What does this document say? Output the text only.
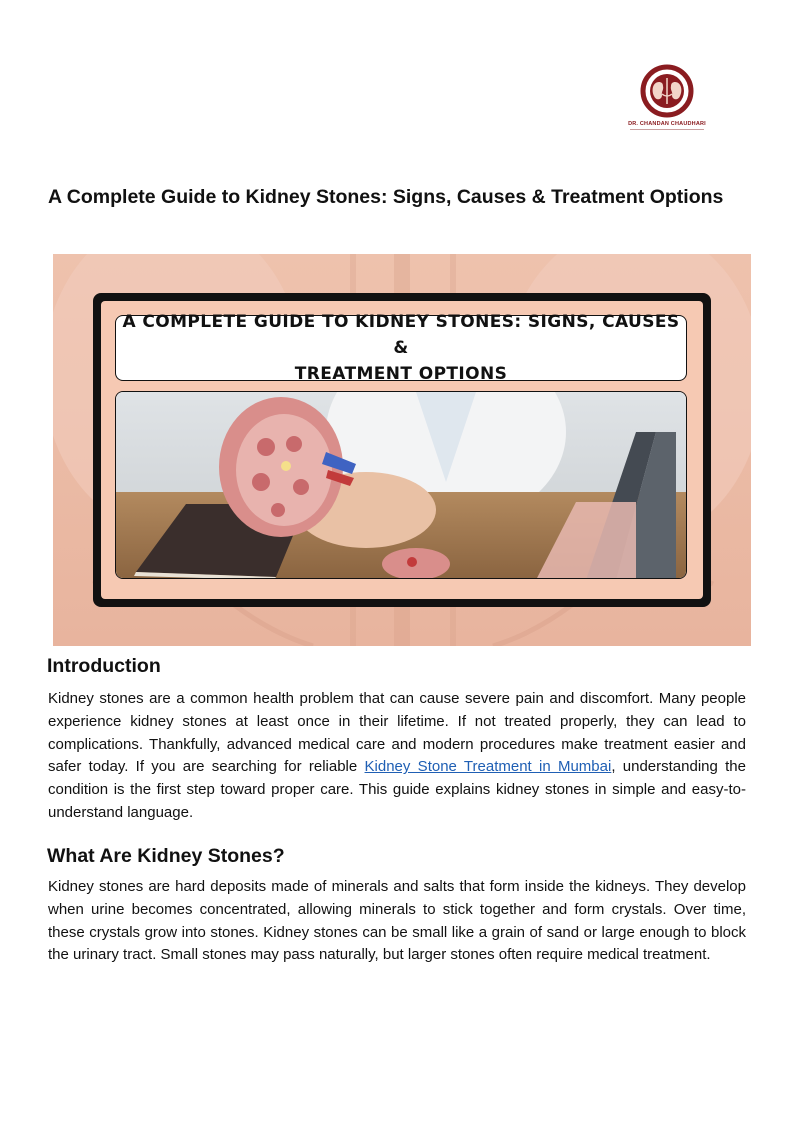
DR. CHANDAN CHAUDHARI
A Complete Guide to Kidney Stones: Signs, Causes & Treatment Options
A COMPLETE GUIDE TO KIDNEY STONES: SIGNS, CAUSES &
TREATMENT OPTIONS
Introduction

Kidney stones are a common health problem that can cause severe pain and discomfort. Many people experience kidney stones at least once in their lifetime. If not treated properly, they can lead to complications. Thankfully, advanced medical care and modern procedures make treatment easier and safer today. If you are searching for reliable Kidney Stone Treatment in Mumbai, understanding the condition is the first step toward proper care. This guide explains kidney stones in simple and easy-to-understand language.

What Are Kidney Stones?

Kidney stones are hard deposits made of minerals and salts that form inside the kidneys. They develop when urine becomes concentrated, allowing minerals to stick together and form crystals. Over time, these crystals grow into stones. Kidney stones can be small like a grain of sand or large enough to block the urinary tract. Small stones may pass naturally, but larger stones often require medical treatment.
